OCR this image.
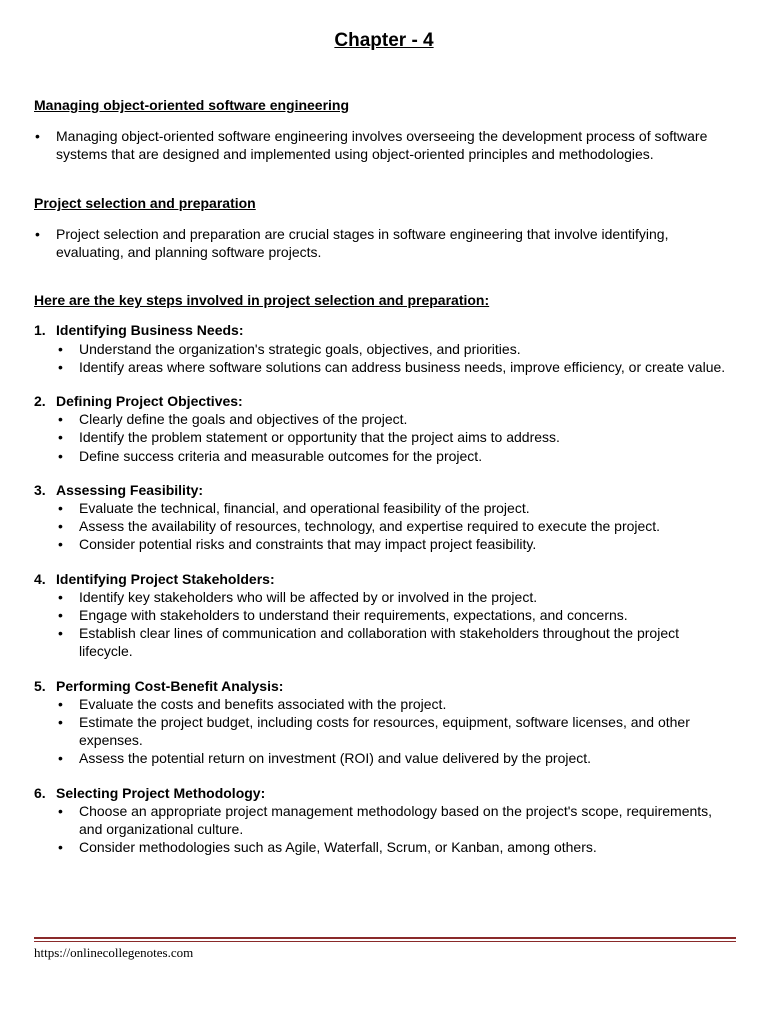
Chapter - 4
Managing object-oriented software engineering
• Managing object-oriented software engineering involves overseeing the development process of software systems that are designed and implemented using object-oriented principles and methodologies.
Project selection and preparation
• Project selection and preparation are crucial stages in software engineering that involve identifying, evaluating, and planning software projects.
Here are the key steps involved in project selection and preparation:
1. Identifying Business Needs:
• Understand the organization's strategic goals, objectives, and priorities.
• Identify areas where software solutions can address business needs, improve efficiency, or create value.
2. Defining Project Objectives:
• Clearly define the goals and objectives of the project.
• Identify the problem statement or opportunity that the project aims to address.
• Define success criteria and measurable outcomes for the project.
3. Assessing Feasibility:
• Evaluate the technical, financial, and operational feasibility of the project.
• Assess the availability of resources, technology, and expertise required to execute the project.
• Consider potential risks and constraints that may impact project feasibility.
4. Identifying Project Stakeholders:
• Identify key stakeholders who will be affected by or involved in the project.
• Engage with stakeholders to understand their requirements, expectations, and concerns.
• Establish clear lines of communication and collaboration with stakeholders throughout the project lifecycle.
5. Performing Cost-Benefit Analysis:
• Evaluate the costs and benefits associated with the project.
• Estimate the project budget, including costs for resources, equipment, software licenses, and other expenses.
• Assess the potential return on investment (ROI) and value delivered by the project.
6. Selecting Project Methodology:
• Choose an appropriate project management methodology based on the project's scope, requirements, and organizational culture.
• Consider methodologies such as Agile, Waterfall, Scrum, or Kanban, among others.
https://onlinecollegenotes.com
